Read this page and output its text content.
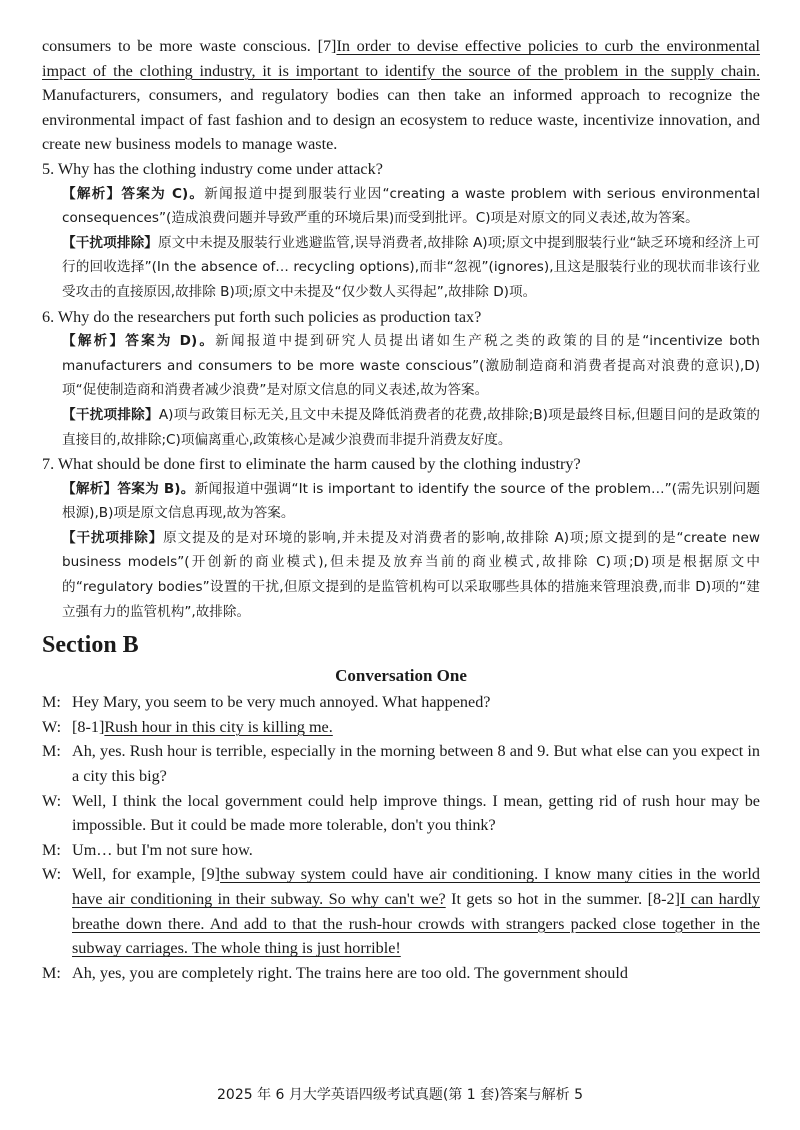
consumers to be more waste conscious. [7]In order to devise effective policies to curb the environmental impact of the clothing industry, it is important to identify the source of the problem in the supply chain. Manufacturers, consumers, and regulatory bodies can then take an informed approach to recognize the environmental impact of fast fashion and to design an ecosystem to reduce waste, incentivize innovation, and create new business models to manage waste.

5. Why has the clothing industry come under attack?

【解析】答案为 C)。新闻报道中提到服装行业因“creating a waste problem with serious environmental consequences”(造成浪费问题并导致严重的环境后果)而受到批评。C)项是对原文的同义表述,故为答案。

【干扰项排除】原文中未提及服装行业逃避监管,误导消费者,故排除 A)项;原文中提到服装行业“缺乏环境和经济上可行的回收选择”(In the absence of… recycling options),而非“忽视”(ignores),且这是服装行业的现状而非该行业受攻击的直接原因,故排除 B)项;原文中未提及“仅少数人买得起”,故排除 D)项。

6. Why do the researchers put forth such policies as production tax?

【解析】答案为 D)。新闻报道中提到研究人员提出诸如生产税之类的政策的目的是“incentivize both manufacturers and consumers to be more waste conscious”(激励制造商和消费者提高对浪费的意识),D)项“促使制造商和消费者减少浪费”是对原文信息的同义表述,故为答案。

【干扰项排除】A)项与政策目标无关,且文中未提及降低消费者的花费,故排除;B)项是最终目标,但题目问的是政策的直接目的,故排除;C)项偏离重心,政策核心是减少浪费而非提升消费友好度。

7. What should be done first to eliminate the harm caused by the clothing industry?

【解析】答案为 B)。新闻报道中强调“It is important to identify the source of the problem…”(需先识别问题根源),B)项是原文信息再现,故为答案。

【干扰项排除】原文提及的是对环境的影响,并未提及对消费者的影响,故排除 A)项;原文提到的是“create new business models”(开创新的商业模式),但未提及放弃当前的商业模式,故排除 C)项;D)项是根据原文中的“regulatory bodies”设置的干扰,但原文提到的是监管机构可以采取哪些具体的措施来管理浪费,而非 D)项的“建立强有力的监管机构”,故排除。

Section B
Conversation One
M: Hey Mary, you seem to be very much annoyed. What happened?
W: [8-1]Rush hour in this city is killing me.
M: Ah, yes. Rush hour is terrible, especially in the morning between 8 and 9. But what else can you expect in a city this big?
W: Well, I think the local government could help improve things. I mean, getting rid of rush hour may be impossible. But it could be made more tolerable, don't you think?
M: Um… but I'm not sure how.
W: Well, for example, [9]the subway system could have air conditioning. I know many cities in the world have air conditioning in their subway. So why can't we? It gets so hot in the summer. [8-2]I can hardly breathe down there. And add to that the rush-hour crowds with strangers packed close together in the subway carriages. The whole thing is just horrible!
M: Ah, yes, you are completely right. The trains here are too old. The government should
2025 年 6 月大学英语四级考试真题(第 1 套)答案与解析 5
